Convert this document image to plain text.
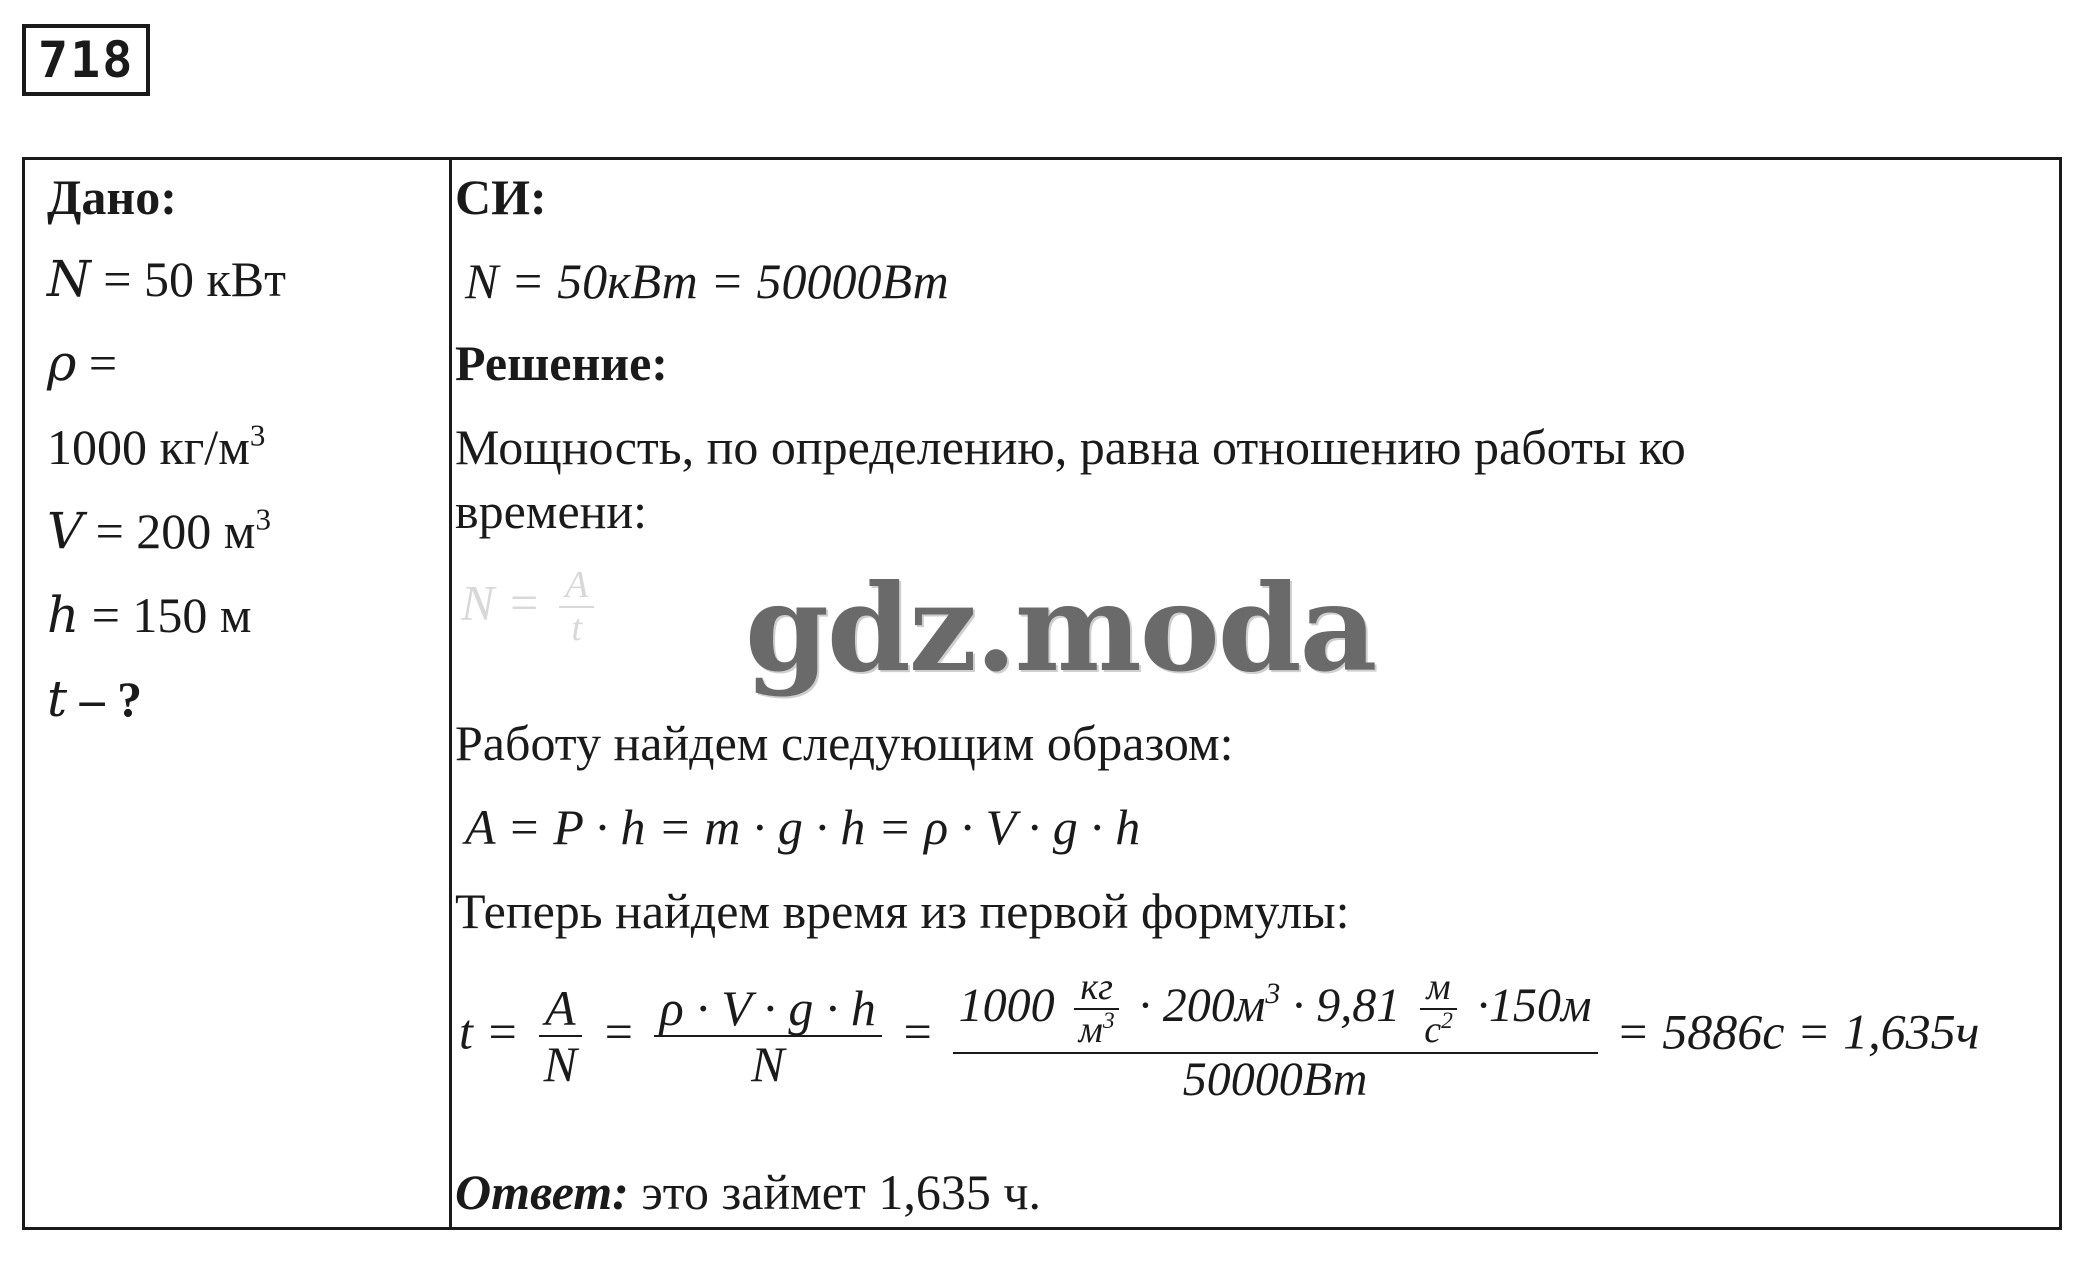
718
Дано:
N = 50 кВт
ρ =
1000 $кг/м^3$
V = 200 $м^3$
h = 150 м
t – ?
СИ:
N = 50кВт = 50000Вт
Решение:
Мощность, по определению, равна отношению работы ко
времени:
$N = \frac{A}{t}$
Работу найдем следующим образом:
A = P · h = m · g · h = ρ · V · g · h
Теперь найдем время из первой формулы:
$t = \frac{A}{N} = \frac{\rho \cdot V \cdot g \cdot h}{N} = 1000 \frac{кг}{м^3} \cdot 200м^3 \cdot 9,81 \frac{м}{с^2} \cdot 150м$
50000Вт
= 5886с = 1,635ч
Ответ: это займет 1,635 ч.
gdz.moda
